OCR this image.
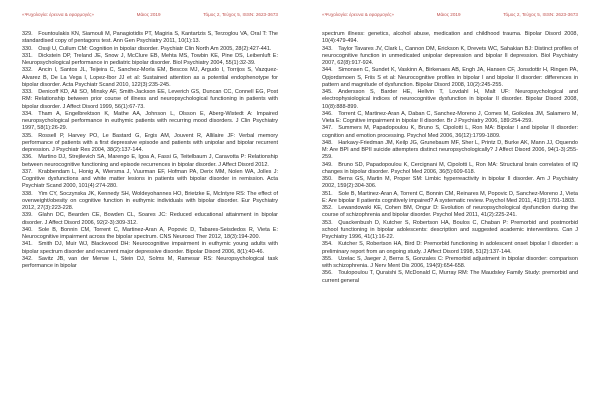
«Ψυχολογία: έρευνα & εφαρμογές»	Μάιος 2019	Τόμος 2, Τεύχος 5, ISSN: 2623-3673

329. Fountoulakis KN, Siamouli M, Panagiotidis PT, Magiria S, Kantartzis S, Terzoglou VA, Oral T: The standardised copy of pentagons test. Ann Gen Psychiatry 2011, 10(1):13.

330. Ossji U, Cullum CM: Cognition in bipolar disorder. Psychiatr Clin North Am 2005, 28(2):427-441.

331. Dickstein DP, Treland JE, Snow J, McClure EB, Mehta MS, Towbin KE, Pine DS, Leibenluft E: Neuropsychological performance in pediatric bipolar disorder. Biol Psychiatry 2004, 55(1):32-39.

332. Ancin I, Santos JL, Teijeira C, Sanchez-Morla EM, Bescos MJ, Argudo I, Torrijos S, Vazquez-Alvarez B, De La Vega I, Lopez-Ibor JJ et al: Sustained attention as a potential endophenotype for bipolar disorder. Acta Psychiatr Scand 2010, 122(3):235-245.

333. Denicoff KD, Ali SO, Minsky AF, Smith-Jackson EE, Leverich GS, Duncan CC, Connell EG, Post RM: Relationship between prior course of illness and neuropsychological functioning in patients with bipolar disorder. J Affect Disord 1999, 56(1):67-73.

334. Tham A, Engelbrektson K, Mathe AA, Johnson L, Olsson E, Aberg-Wistedt A: Impaired neuropsychological performance in euthymic patients with recurring mood disorders. J Clin Psychiatry 1997, 58(1):26-29.

335. Rossell P, Harvey PO, Le Bastard G, Ergis AM, Jouvent R, Allilaire JF: Verbal memory performance of patients with a first depressive episode and patients with unipolar and bipolar recurrent depression. J Psychiatr Res 2004, 38(2):137-144.

336. Martino DJ, Strejilevich SA, Marengo E, Igoa A, Fassi G, Teitelbaum J, Caravotta P: Relationship between neurocognitive functioning and episode recurrences in bipolar disorder. J Affect Disord 2012.

337. Krabbendam L, Honig A, Wiersma J, Vuurman EF, Hofman PA, Derix MM, Nolen WA, Jolles J: Cognitive dysfunctions and white matter lesions in patients with bipolar disorder in remission. Acta Psychiatr Scand 2000, 101(4):274-280.

338. Yim CY, Soczynska JK, Kennedy SH, Woldeyohannes HO, Brietzke E, McIntyre RS: The effect of overweight/obesity on cognitive function in euthymic individuals with bipolar disorder. Eur Psychiatry 2012, 27(3):223-228.

339. Glahn DC, Bearden CE, Bowden CL, Soares JC: Reduced educational attainment in bipolar disorder. J Affect Disord 2006, 92(2-3):309-312.

340. Sole B, Bonnin CM, Torrent C, Martinez-Aran A, Popovic D, Tabares-Seisdedos R, Vieta E: Neurocognitive impairment across the bipolar spectrum. CNS Neurosci Ther 2012, 18(3):194-200.

341. Smith DJ, Muir WJ, Blackwood DH: Neurocognitive impairment in euthymic young adults with bipolar spectrum disorder and recurrent major depressive disorder. Bipolar Disord 2006, 8(1):40-46.

342. Savitz JB, van der Merwe L, Stein DJ, Solms M, Ramesar RS: Neuropsychological task performance in bipolar

«Ψυχολογία: έρευνα & εφαρμογές»	Μάιος 2019	Τόμος 2, Τεύχος 5, ISSN: 2623-3673

spectrum illness: genetics, alcohol abuse, medication and childhood trauma. Bipolar Disord 2008, 10(4):479-494.

343. Taylor Tavares JV, Clark L, Cannon DM, Erickson K, Drevets WC, Sahakian BJ: Distinct profiles of neurocognitive function in unmedicated unipolar depression and bipolar II depression. Biol Psychiatry 2007, 62(8):917-924.

344. Simonsen C, Sundet K, Vaskinn A, Birkenaes AB, Engh JA, Hansen CF, Jonsdottir H, Ringen PA, Opjordsmoen S, Friis S et al: Neurocognitive profiles in bipolar I and bipolar II disorder: differences in pattern and magnitude of dysfunction. Bipolar Disord 2008, 10(2):245-255.

345. Andersson S, Barder HE, Hellvin T, Lovdahl H, Malt UF: Neuropsychological and electrophysiological indices of neurocognitive dysfunction in bipolar II disorder. Bipolar Disord 2008, 10(8):888-899.

346. Torrent C, Martinez-Aran A, Daban C, Sanchez-Moreno J, Comes M, Goikolea JM, Salamero M, Vieta E: Cognitive impairment in bipolar II disorder. Br J Psychiatry 2006, 189:254-259.

347. Summers M, Papadopoulou K, Bruno S, Cipolotti L, Ron MA: Bipolar I and bipolar II disorder: cognition and emotion processing. Psychol Med 2006, 36(12):1799-1809.

348. Harkavy-Friedman JM, Keilp JG, Grunebaum MF, Sher L, Printz D, Burke AK, Mann JJ, Oquendo M: Are BPI and BPII suicide attempters distinct neuropsychologically? J Affect Disord 2006, 94(1-3):255-259.

349. Bruno SD, Papadopoulou K, Cercignani M, Cipolotti L, Ron MA: Structural brain correlates of IQ changes in bipolar disorder. Psychol Med 2006, 36(5):609-618.

350. Berns GS, Martin M, Proper SM: Limbic hyperreactivity in bipolar II disorder. Am J Psychiatry 2002, 159(2):304-306.

351. Sole B, Martinez-Aran A, Torrent C, Bonnin CM, Reinares M, Popovic D, Sanchez-Moreno J, Vieta E: Are bipolar II patients cognitively impaired? A systematic review. Psychol Med 2011, 41(9):1791-1803.

352. Lewandowski KE, Cohen BM, Ongur D: Evolution of neuropsychological dysfunction during the course of schizophrenia and bipolar disorder. Psychol Med 2011, 41(2):225-241.

353. Quackenbush D, Kutcher S, Robertson HA, Boulos C, Chaban P: Premorbid and postmorbid school functioning in bipolar adolescents: description and suggested academic interventions. Can J Psychiatry 1996, 41(1):16-22.

354. Kutcher S, Robertson HA, Bird D: Premorbid functioning in adolescent onset bipolar I disorder: a preliminary report from an ongoing study. J Affect Disord 1998, 51(2):137-144.

355. Uzelac S, Jaeger J, Berns S, Gonzales C: Premorbid adjustment in bipolar disorder: comparison with schizophrenia. J Nerv Ment Dis 2006, 194(9):654-658.

356. Toulopoulou T, Quraishi S, McDonald C, Murray RM: The Maudsley Family Study: premorbid and current general
